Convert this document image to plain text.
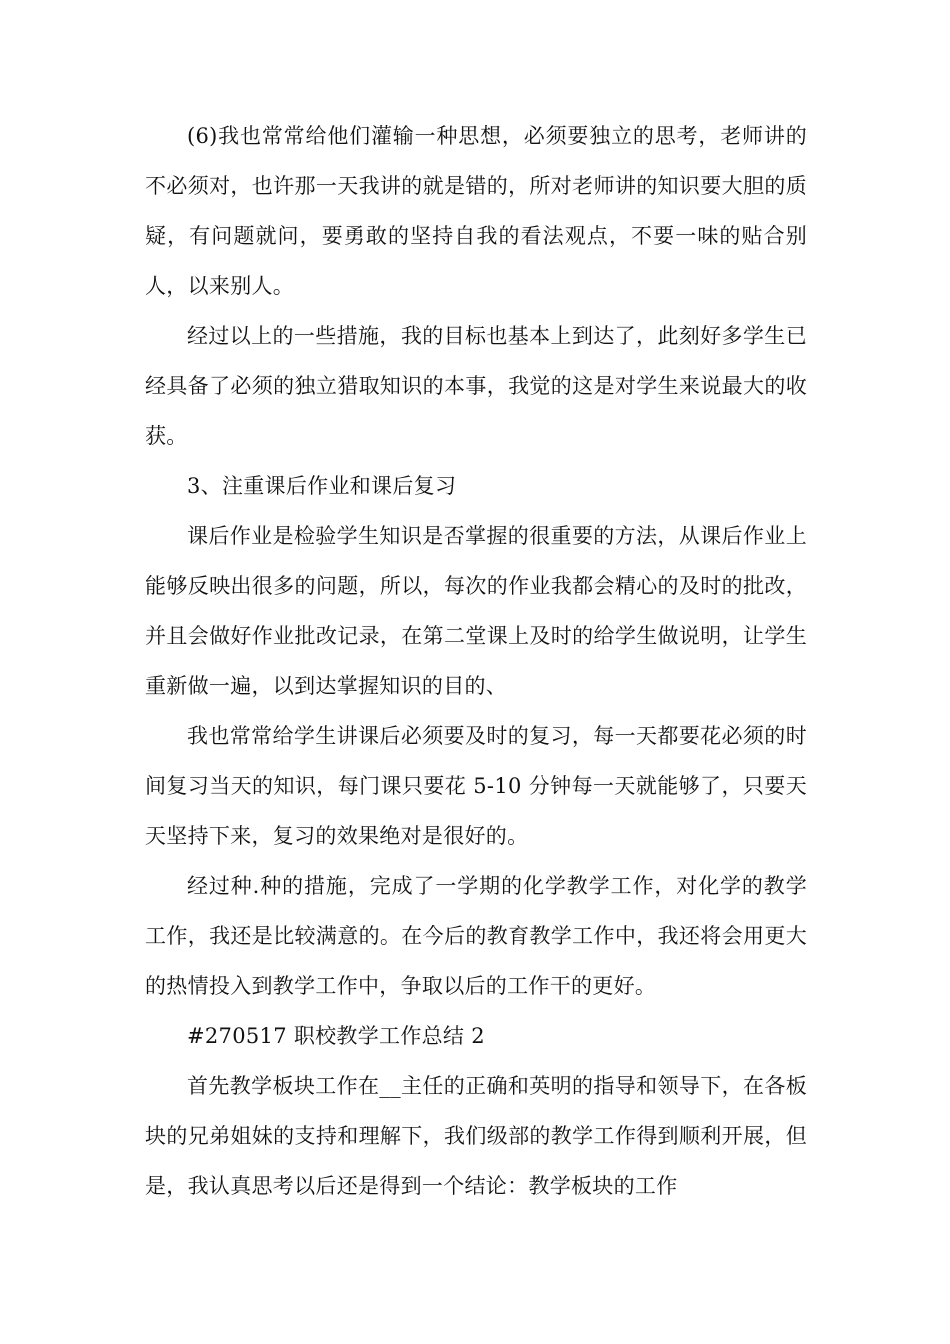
(6)我也常常给他们灌输一种思想，必须要独立的思考，老师讲的不必须对，也许那一天我讲的就是错的，所对老师讲的知识要大胆的质疑，有问题就问，要勇敢的坚持自我的看法观点，不要一味的贴合别人，以来别人。

经过以上的一些措施，我的目标也基本上到达了，此刻好多学生已经具备了必须的独立猎取知识的本事，我觉的这是对学生来说最大的收获。

3、注重课后作业和课后复习

课后作业是检验学生知识是否掌握的很重要的方法，从课后作业上能够反映出很多的问题，所以，每次的作业我都会精心的及时的批改，并且会做好作业批改记录，在第二堂课上及时的给学生做说明，让学生重新做一遍，以到达掌握知识的目的、

我也常常给学生讲课后必须要及时的复习，每一天都要花必须的时间复习当天的知识，每门课只要花 5-10 分钟每一天就能够了，只要天天坚持下来，复习的效果绝对是很好的。

经过种.种的措施，完成了一学期的化学教学工作，对化学的教学工作，我还是比较满意的。在今后的教育教学工作中，我还将会用更大的热情投入到教学工作中，争取以后的工作干的更好。

#270517 职校教学工作总结 2

首先教学板块工作在__主任的正确和英明的指导和领导下，在各板块的兄弟姐妹的支持和理解下，我们级部的教学工作得到顺利开展，但是，我认真思考以后还是得到一个结论：教学板块的工作
